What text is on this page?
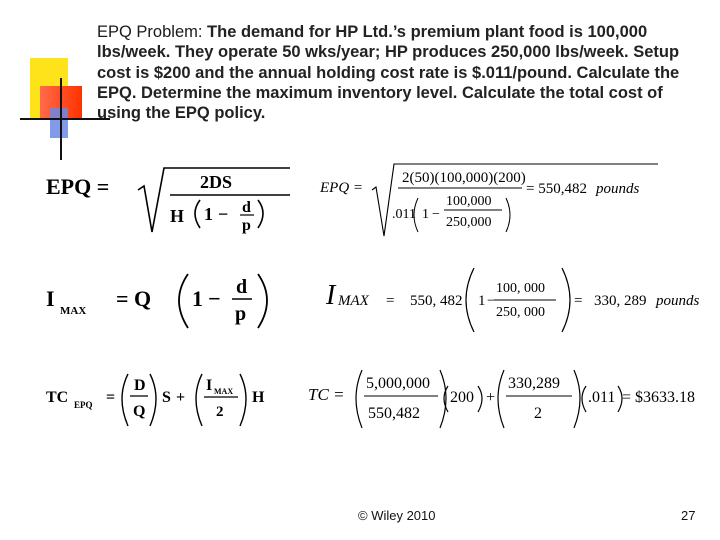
EPQ Problem: The demand for HP Ltd.’s premium plant food is 100,000 lbs/week. They operate 50 wks/year; HP produces 250,000 lbs/week. Setup cost is $200 and the annual holding cost rate is $.011/pound. Calculate the EPQ. Determine the maximum inventory level. Calculate the total cost of using the EPQ policy.
EPQ =	2DS
H 1 − d
p
EPQ =
2(50)(100,000)(200)
.011 1 −
100,000
250,000
= 550,482 pounds
I MAX = Q 1 − d
p
I MAX = 550, 482 1 −
100, 000
250, 000
= 330, 289 pounds
TC EPQ =
D
Q
S +
I MAX
2
H	TC =
5,000,000
550,482
200 +
330,289
2
.011 = $3633.18
© Wiley 2010	27
